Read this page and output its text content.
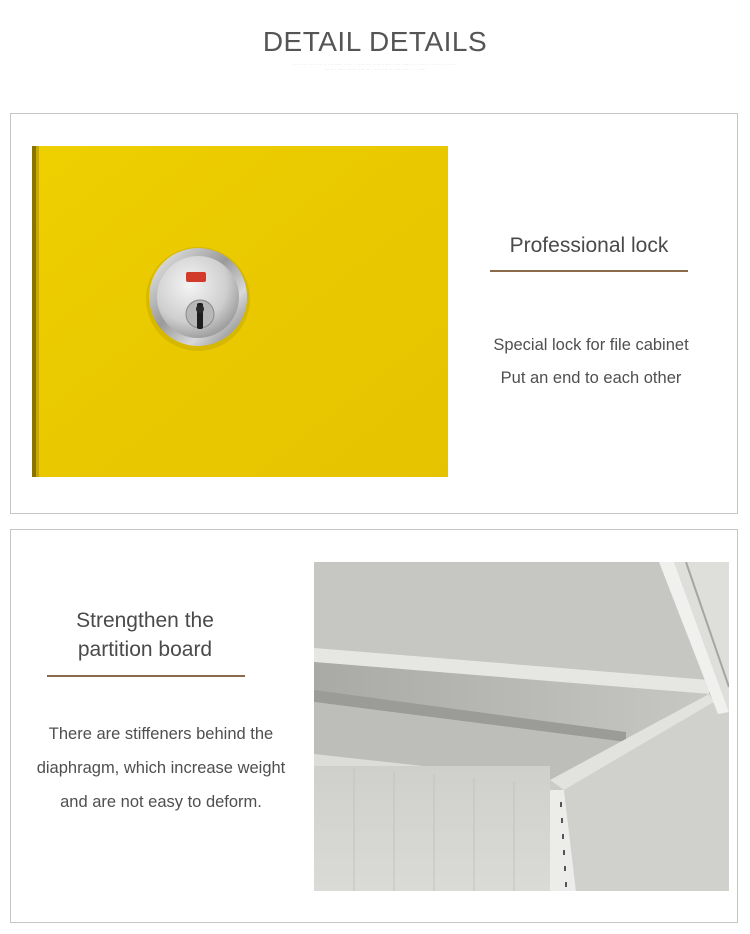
DETAIL DETAILS
... ..... ..... .. .. ......... ..... . ..... ... ..... ..... . ... ..... . .. ..... . ..... ... .....
..... . ..... ..... ..... .. . ..... .. .. ..... ..... . .....
Professional lock
Special lock for file cabinet
Put an end to each other
Strengthen the
partition board
There are stiffeners behind the
diaphragm, which increase weight
and are not easy to deform.
